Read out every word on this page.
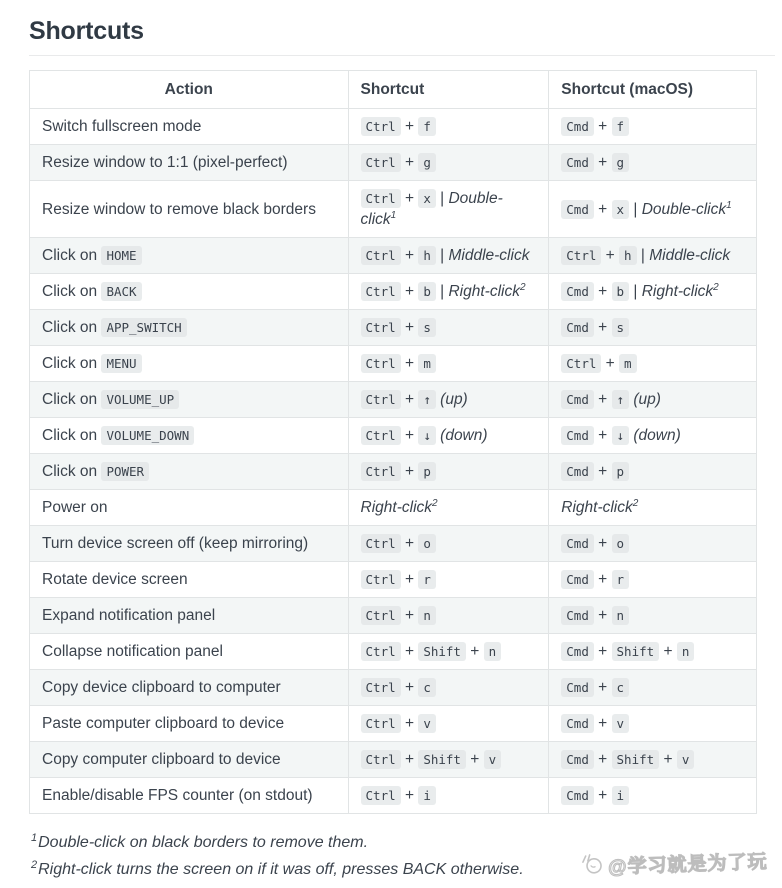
Shortcuts
Action	Shortcut	Shortcut (macOS)
Switch fullscreen mode	Ctrl + f	Cmd + f
Resize window to 1:1 (pixel-perfect)	Ctrl + g	Cmd + g
Resize window to remove black borders	Ctrl + x | Double-click$^1$	Cmd + x | Double-click$^1$
Click on HOME	Ctrl + h | Middle-click	Ctrl + h | Middle-click
Click on BACK	Ctrl + b | Right-click$^2$	Cmd + b | Right-click$^2$
Click on APP_SWITCH	Ctrl + s	Cmd + s
Click on MENU	Ctrl + m	Ctrl + m
Click on VOLUME_UP	Ctrl + ↑ (up)	Cmd + ↑ (up)
Click on VOLUME_DOWN	Ctrl + ↓ (down)	Cmd + ↓ (down)
Click on POWER	Ctrl + p	Cmd + p
Power on	Right-click$^2$	Right-click$^2$
Turn device screen off (keep mirroring)	Ctrl + o	Cmd + o
Rotate device screen	Ctrl + r	Cmd + r
Expand notification panel	Ctrl + n	Cmd + n
Collapse notification panel	Ctrl + Shift + n	Cmd + Shift + n
Copy device clipboard to computer	Ctrl + c	Cmd + c
Paste computer clipboard to device	Ctrl + v	Cmd + v
Copy computer clipboard to device	Ctrl + Shift + v	Cmd + Shift + v
Enable/disable FPS counter (on stdout)	Ctrl + i	Cmd + i

$^1$Double-click on black borders to remove them.

$^2$Right-click turns the screen on if it was off, presses BACK otherwise.	@学习就是为了玩
